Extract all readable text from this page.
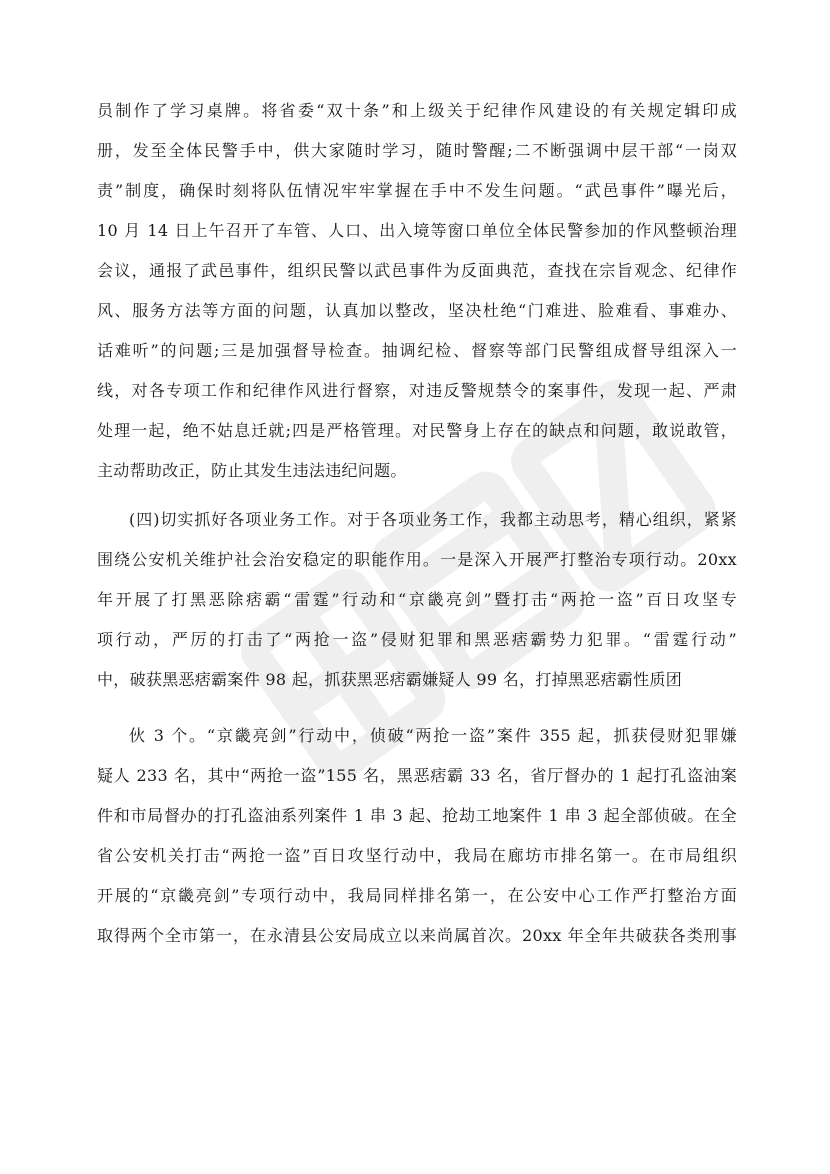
员制作了学习桌牌。将省委“双十条”和上级关于纪律作风建设的有关规定辑印成
册，发至全体民警手中，供大家随时学习，随时警醒;二不断强调中层干部“一岗双
责”制度，确保时刻将队伍情况牢牢掌握在手中不发生问题。“武邑事件”曝光后，
10 月 14 日上午召开了车管、人口、出入境等窗口单位全体民警参加的作风整顿治理
会议，通报了武邑事件，组织民警以武邑事件为反面典范，查找在宗旨观念、纪律作
风、服务方法等方面的问题，认真加以整改，坚决杜绝“门难进、脸难看、事难办、
话难听”的问题;三是加强督导检查。抽调纪检、督察等部门民警组成督导组深入一
线，对各专项工作和纪律作风进行督察，对违反警规禁令的案事件，发现一起、严肃
处理一起，绝不姑息迁就;四是严格管理。对民警身上存在的缺点和问题，敢说敢管，
主动帮助改正，防止其发生违法违纪问题。
(四)切实抓好各项业务工作。对于各项业务工作，我都主动思考，精心组织，紧紧
围绕公安机关维护社会治安稳定的职能作用。一是深入开展严打整治专项行动。20xx
年开展了打黑恶除痞霸“雷霆”行动和“京畿亮剑”暨打击“两抢一盗”百日攻坚专
项行动，严厉的打击了“两抢一盗”侵财犯罪和黑恶痞霸势力犯罪。“雷霆行动”
中，破获黑恶痞霸案件 98 起，抓获黑恶痞霸嫌疑人 99 名，打掉黑恶痞霸性质团
伙 3 个。“京畿亮剑”行动中，侦破“两抢一盗”案件 355 起，抓获侵财犯罪嫌
疑人 233 名，其中“两抢一盗”155 名，黑恶痞霸 33 名，省厅督办的 1 起打孔盗油案
件和市局督办的打孔盗油系列案件 1 串 3 起、抢劫工地案件 1 串 3 起全部侦破。在全
省公安机关打击“两抢一盗”百日攻坚行动中，我局在廊坊市排名第一。在市局组织
开展的“京畿亮剑”专项行动中，我局同样排名第一，在公安中心工作严打整治方面
取得两个全市第一，在永清县公安局成立以来尚属首次。20xx 年全年共破获各类刑事
